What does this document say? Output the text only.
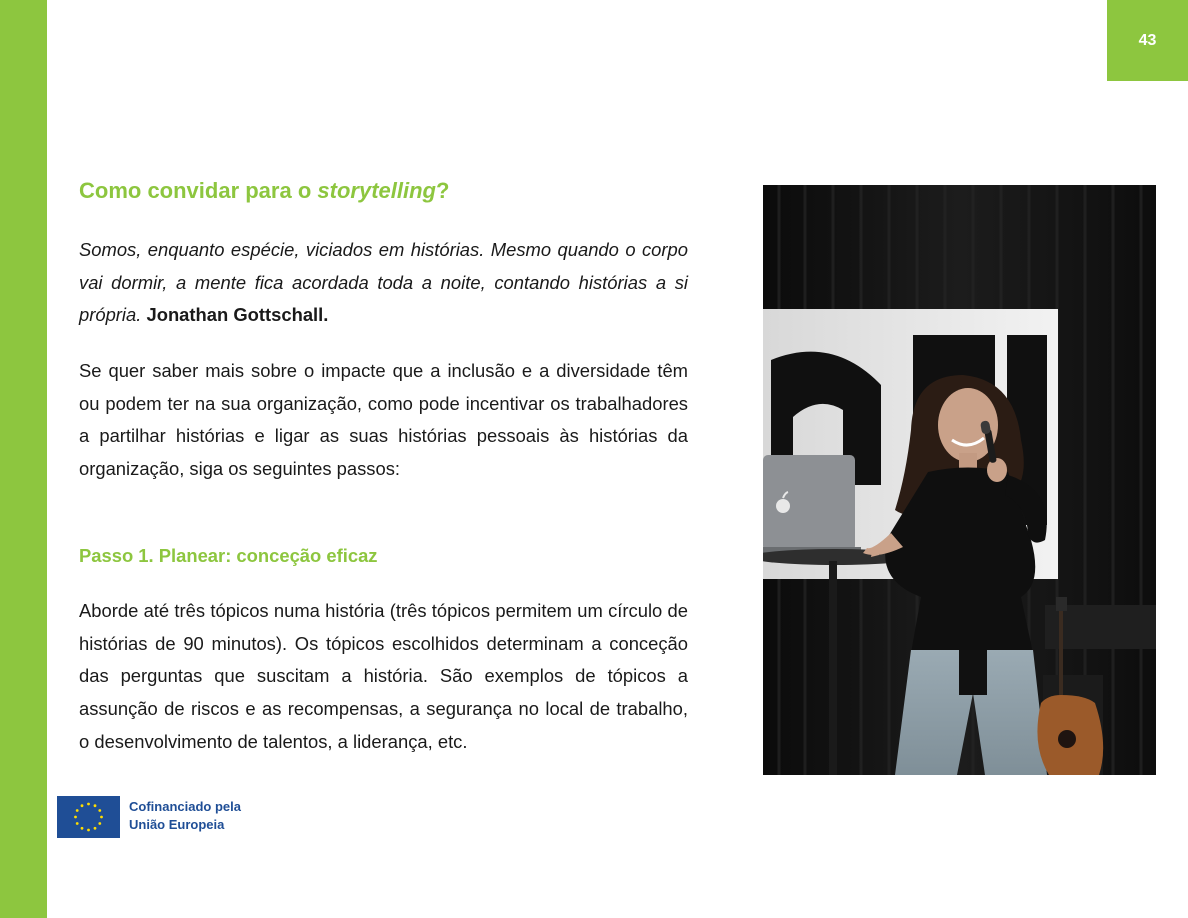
43
Como convidar para o storytelling?

Somos, enquanto espécie, viciados em histórias. Mesmo quando o corpo vai dormir, a mente fica acordada toda a noite, contando histórias a si própria. Jonathan Gottschall.

Se quer saber mais sobre o impacte que a inclusão e a diversidade têm ou podem ter na sua organização, como pode incentivar os trabalhadores a partilhar histórias e ligar as suas histórias pessoais às histórias da organização, siga os seguintes passos:

Passo 1. Planear: conceção eficaz

Aborde até três tópicos numa história (três tópicos permitem um círculo de histórias de 90 minutos). Os tópicos escolhidos determinam a conceção das perguntas que suscitam a história. São exemplos de tópicos a assunção de riscos e as recompensas, a segurança no local de trabalho, o desenvolvimento de talentos, a liderança, etc.

Cofinanciado pela
União Europeia
